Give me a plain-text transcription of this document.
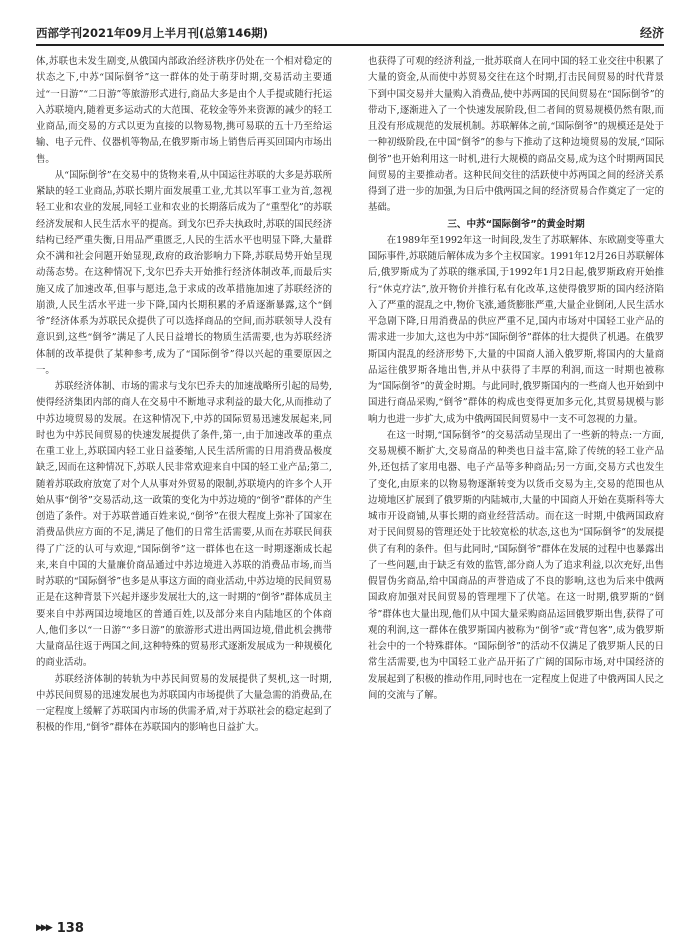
西部学刊2021年09月上半月刊(总第146期)	经济

体,苏联也未发生剧变,从俄国内部政治经济秩序仍处在一个相对稳定的状态之下,中苏“国际倒爷”这一群体的处于萌芽时期,交易活动主要通过“一日游”“二日游”等旅游形式进行,商品大多是由个人手提或随行托运入苏联境内,随着更多运动式的大范围、花较金等外来资源的减少的轻工业商品,而交易的方式以更为直接的以物易物,携可易联的五十乃至给运输、电子元件、仪器机等物品,在俄罗斯市场上销售后再买回国内市场出售。

从“国际倒爷”在交易中的货物来看,从中国运往苏联的大多是苏联所紧缺的轻工业商品,苏联长期片面发展重工业,尤其以军事工业为首,忽视轻工业和农业的发展,同轻工业和农业的长期落后成为了“重型化”的苏联经济发展和人民生活水平的提高。到戈尔巴乔夫执政时,苏联的国民经济结构已经严重失衡,日用品严重匮乏,人民的生活水平也明显下降,大量群众不满和社会问题开始显现,政府的政治影响力下降,苏联局势开始呈现动荡态势。在这种情况下,戈尔巴乔夫开始推行经济体制改革,而最后实施又成了加速改革,但事与愿违,急于求成的改革措施加速了苏联经济的崩溃,人民生活水平进一步下降,国内长期积累的矛盾逐渐暴露,这个“倒爷”经济体系为苏联民众提供了可以选择商品的空间,而苏联领导人没有意识到,这些“倒爷”满足了人民日益增长的物质生活需要,也为苏联经济体制的改革提供了某种参考,成为了“国际倒爷”得以兴起的重要原因之一。

苏联经济体制、市场的需求与戈尔巴乔夫的加速战略所引起的局势,使得经济集团内部的商人在交易中不断地寻求利益的最大化,从而推动了中苏边境贸易的发展。在这种情况下,中苏的国际贸易迅速发展起来,同时也为中苏民间贸易的快速发展提供了条件,第一,由于加速改革的重点在重工业上,苏联国内轻工业日益萎缩,人民生活所需的日用消费品极度缺乏,因而在这种情况下,苏联人民非常欢迎来自中国的轻工业产品;第二,随着苏联政府放宽了对个人从事对外贸易的限制,苏联境内的许多个人开始从事“倒爷”交易活动,这一政策的变化为中苏边境的“倒爷”群体的产生创造了条件。对于苏联普通百姓来说,“倒爷”在很大程度上弥补了国家在消费品供应方面的不足,满足了他们的日常生活需要,从而在苏联民间获得了广泛的认可与欢迎,“国际倒爷”这一群体也在这一时期逐渐成长起来,来自中国的大量廉价商品通过中苏边境进入苏联的消费品市场,而当时苏联的“国际倒爷”也多是从事这方面的商业活动,中苏边境的民间贸易正是在这种背景下兴起并逐步发展壮大的,这一时期的“倒爷”群体成员主要来自中苏两国边境地区的普通百姓,以及部分来自内陆地区的个体商人,他们多以“一日游”“多日游”的旅游形式进出两国边境,借此机会携带大量商品往返于两国之间,这种特殊的贸易形式逐渐发展成为一种规模化的商业活动。

苏联经济体制的转轨为中苏民间贸易的发展提供了契机,这一时期,中苏民间贸易的迅速发展也为苏联国内市场提供了大量急需的消费品,在一定程度上缓解了苏联国内市场的供需矛盾,对于苏联社会的稳定起到了积极的作用,“倒爷”群体在苏联国内的影响也日益扩大。

也获得了可观的经济利益,一批苏联商人在同中国的轻工业交往中积累了大量的资金,从而使中苏贸易交往在这个时期,打击民间贸易的时代背景下到中国交易并大量购入消费品,使中苏两国的民间贸易在“国际倒爷”的带动下,逐渐进入了一个快速发展阶段,但二者间的贸易规模仍然有限,而且没有形成规范的发展机制。苏联解体之前,“国际倒爷”的规模还是处于一种初级阶段,在中国“倒爷”的参与下推动了这种边境贸易的发展,“国际倒爷”也开始利用这一时机,进行大规模的商品交易,成为这个时期两国民间贸易的主要推动者。这种民间交往的活跃使中苏两国之间的经济关系得到了进一步的加强,为日后中俄两国之间的经济贸易合作奠定了一定的基础。

三、中苏“国际倒爷”的黄金时期

在1989年至1992年这一时间段,发生了苏联解体、东欧剧变等重大国际事件,苏联随后解体成为多个主权国家。1991年12月26日苏联解体后,俄罗斯成为了苏联的继承国,于1992年1月2日起,俄罗斯政府开始推行“休克疗法”,放开物价并推行私有化改革,这使得俄罗斯的国内经济陷入了严重的混乱之中,物价飞涨,通货膨胀严重,大量企业倒闭,人民生活水平急剧下降,日用消费品的供应严重不足,国内市场对中国轻工业产品的需求进一步加大,这也为中苏“国际倒爷”群体的壮大提供了机遇。在俄罗斯国内混乱的经济形势下,大量的中国商人涌入俄罗斯,将国内的大量商品运往俄罗斯各地出售,并从中获得了丰厚的利润,而这一时期也被称为“国际倒爷”的黄金时期。与此同时,俄罗斯国内的一些商人也开始到中国进行商品采购,“倒爷”群体的构成也变得更加多元化,其贸易规模与影响力也进一步扩大,成为中俄两国民间贸易中一支不可忽视的力量。

在这一时期,“国际倒爷”的交易活动呈现出了一些新的特点:一方面,交易规模不断扩大,交易商品的种类也日益丰富,除了传统的轻工业产品外,还包括了家用电器、电子产品等多种商品;另一方面,交易方式也发生了变化,由原来的以物易物逐渐转变为以货币交易为主,交易的范围也从边境地区扩展到了俄罗斯的内陆城市,大量的中国商人开始在莫斯科等大城市开设商铺,从事长期的商业经营活动。而在这一时期,中俄两国政府对于民间贸易的管理还处于比较宽松的状态,这也为“国际倒爷”的发展提供了有利的条件。但与此同时,“国际倒爷”群体在发展的过程中也暴露出了一些问题,由于缺乏有效的监管,部分商人为了追求利益,以次充好,出售假冒伪劣商品,给中国商品的声誉造成了不良的影响,这也为后来中俄两国政府加强对民间贸易的管理埋下了伏笔。在这一时期,俄罗斯的“倒爷”群体也大量出现,他们从中国大量采购商品运回俄罗斯出售,获得了可观的利润,这一群体在俄罗斯国内被称为“倒爷”或“背包客”,成为俄罗斯社会中的一个特殊群体。“国际倒爷”的活动不仅满足了俄罗斯人民的日常生活需要,也为中国轻工业产品开拓了广阔的国际市场,对中国经济的发展起到了积极的推动作用,同时也在一定程度上促进了中俄两国人民之间的交流与了解。

▶▶▶ 138
